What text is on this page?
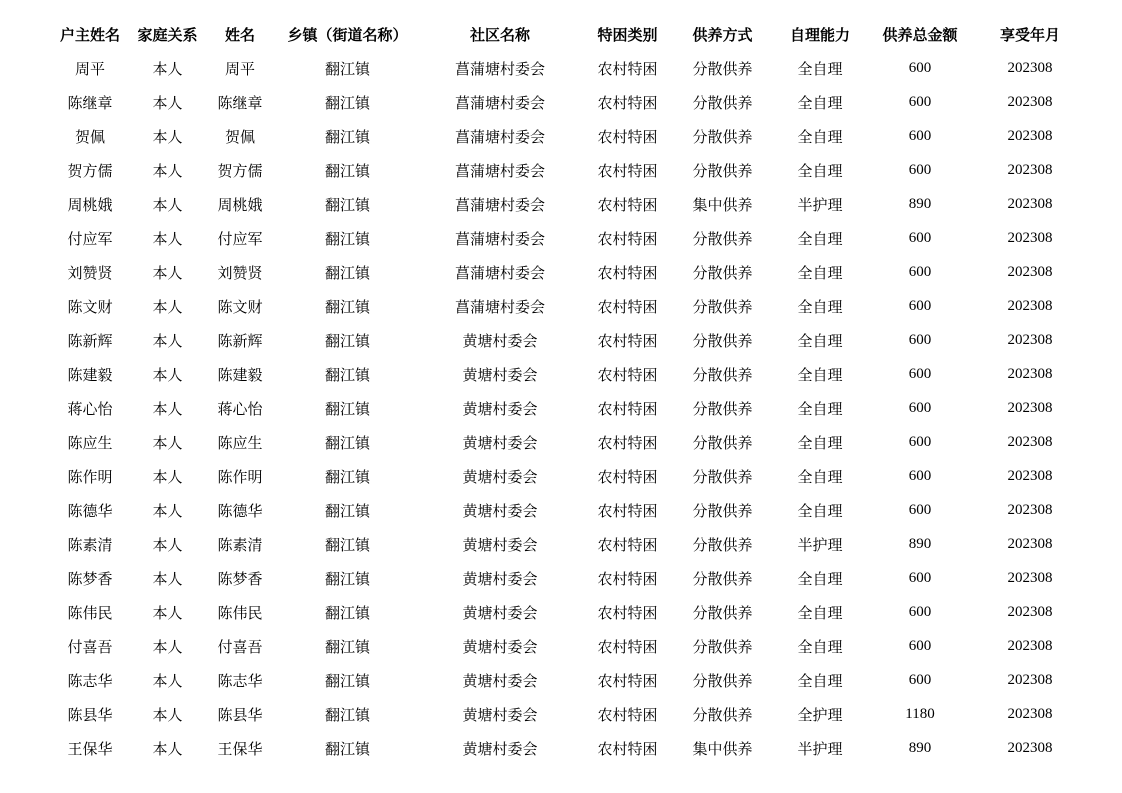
户主姓名	家庭关系	姓名	乡镇（街道名称）	社区名称	特困类别	供养方式	自理能力	供养总金额	享受年月
周平	本人	周平	翻江镇	菖蒲塘村委会	农村特困	分散供养	全自理	600	202308
陈继章	本人	陈继章	翻江镇	菖蒲塘村委会	农村特困	分散供养	全自理	600	202308
贺佩	本人	贺佩	翻江镇	菖蒲塘村委会	农村特困	分散供养	全自理	600	202308
贺方儒	本人	贺方儒	翻江镇	菖蒲塘村委会	农村特困	分散供养	全自理	600	202308
周桃娥	本人	周桃娥	翻江镇	菖蒲塘村委会	农村特困	集中供养	半护理	890	202308
付应军	本人	付应军	翻江镇	菖蒲塘村委会	农村特困	分散供养	全自理	600	202308
刘赞贤	本人	刘赞贤	翻江镇	菖蒲塘村委会	农村特困	分散供养	全自理	600	202308
陈文财	本人	陈文财	翻江镇	菖蒲塘村委会	农村特困	分散供养	全自理	600	202308
陈新辉	本人	陈新辉	翻江镇	黄塘村委会	农村特困	分散供养	全自理	600	202308
陈建毅	本人	陈建毅	翻江镇	黄塘村委会	农村特困	分散供养	全自理	600	202308
蒋心怡	本人	蒋心怡	翻江镇	黄塘村委会	农村特困	分散供养	全自理	600	202308
陈应生	本人	陈应生	翻江镇	黄塘村委会	农村特困	分散供养	全自理	600	202308
陈作明	本人	陈作明	翻江镇	黄塘村委会	农村特困	分散供养	全自理	600	202308
陈德华	本人	陈德华	翻江镇	黄塘村委会	农村特困	分散供养	全自理	600	202308
陈素清	本人	陈素清	翻江镇	黄塘村委会	农村特困	分散供养	半护理	890	202308
陈梦香	本人	陈梦香	翻江镇	黄塘村委会	农村特困	分散供养	全自理	600	202308
陈伟民	本人	陈伟民	翻江镇	黄塘村委会	农村特困	分散供养	全自理	600	202308
付喜吾	本人	付喜吾	翻江镇	黄塘村委会	农村特困	分散供养	全自理	600	202308
陈志华	本人	陈志华	翻江镇	黄塘村委会	农村特困	分散供养	全自理	600	202308
陈县华	本人	陈县华	翻江镇	黄塘村委会	农村特困	分散供养	全护理	1180	202308
王保华	本人	王保华	翻江镇	黄塘村委会	农村特困	集中供养	半护理	890	202308
